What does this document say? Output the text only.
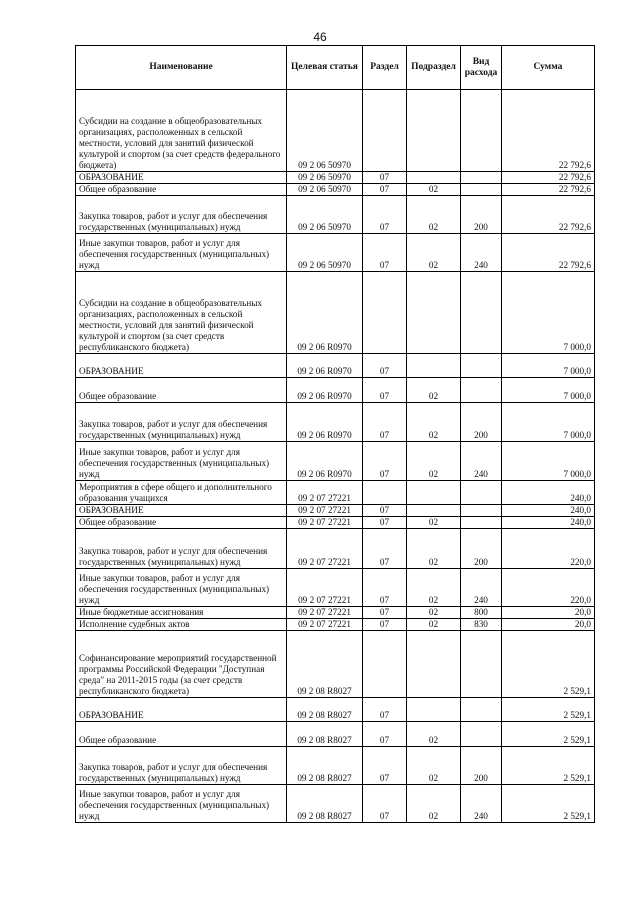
46
Наименование	Целевая статья	Раздел	Подраздел	Вид расхода	Сумма
Субсидии на создание в общеобразовательных организациях, расположенных в сельской местности, условий для занятий физической культурой и спортом (за счет средств федерального бюджета)	09 2 06 50970				22 792,6
ОБРАЗОВАНИЕ	09 2 06 50970	07			22 792,6
Общее образование	09 2 06 50970	07	02		22 792,6
Закупка товаров, работ и услуг для обеспечения государственных (муниципальных) нужд	09 2 06 50970	07	02	200	22 792,6
Иные закупки товаров, работ и услуг для обеспечения государственных (муниципальных) нужд	09 2 06 50970	07	02	240	22 792,6
Субсидии на создание в общеобразовательных организациях, расположенных в сельской местности, условий для занятий физической культурой и спортом (за счет средств республиканского бюджета)	09 2 06 R0970				7 000,0
ОБРАЗОВАНИЕ	09 2 06 R0970	07			7 000,0
Общее образование	09 2 06 R0970	07	02		7 000,0
Закупка товаров, работ и услуг для обеспечения государственных (муниципальных) нужд	09 2 06 R0970	07	02	200	7 000,0
Иные закупки товаров, работ и услуг для обеспечения государственных (муниципальных) нужд	09 2 06 R0970	07	02	240	7 000,0
Мероприятия в сфере общего и дополнительного образования учащихся	09 2 07 27221				240,0
ОБРАЗОВАНИЕ	09 2 07 27221	07			240,0
Общее образование	09 2 07 27221	07	02		240,0
Закупка товаров, работ и услуг для обеспечения государственных (муниципальных) нужд	09 2 07 27221	07	02	200	220,0
Иные закупки товаров, работ и услуг для обеспечения государственных (муниципальных) нужд	09 2 07 27221	07	02	240	220,0
Иные бюджетные ассигнования	09 2 07 27221	07	02	800	20,0
Исполнение судебных актов	09 2 07 27221	07	02	830	20,0
Софинансирование мероприятий государственной программы Российской Федерации "Доступная среда" на 2011-2015 годы (за счет средств республиканского бюджета)	09 2 08 R8027				2 529,1
ОБРАЗОВАНИЕ	09 2 08 R8027	07			2 529,1
Общее образование	09 2 08 R8027	07	02		2 529,1
Закупка товаров, работ и услуг для обеспечения государственных (муниципальных) нужд	09 2 08 R8027	07	02	200	2 529,1
Иные закупки товаров, работ и услуг для обеспечения государственных (муниципальных) нужд	09 2 08 R8027	07	02	240	2 529,1
